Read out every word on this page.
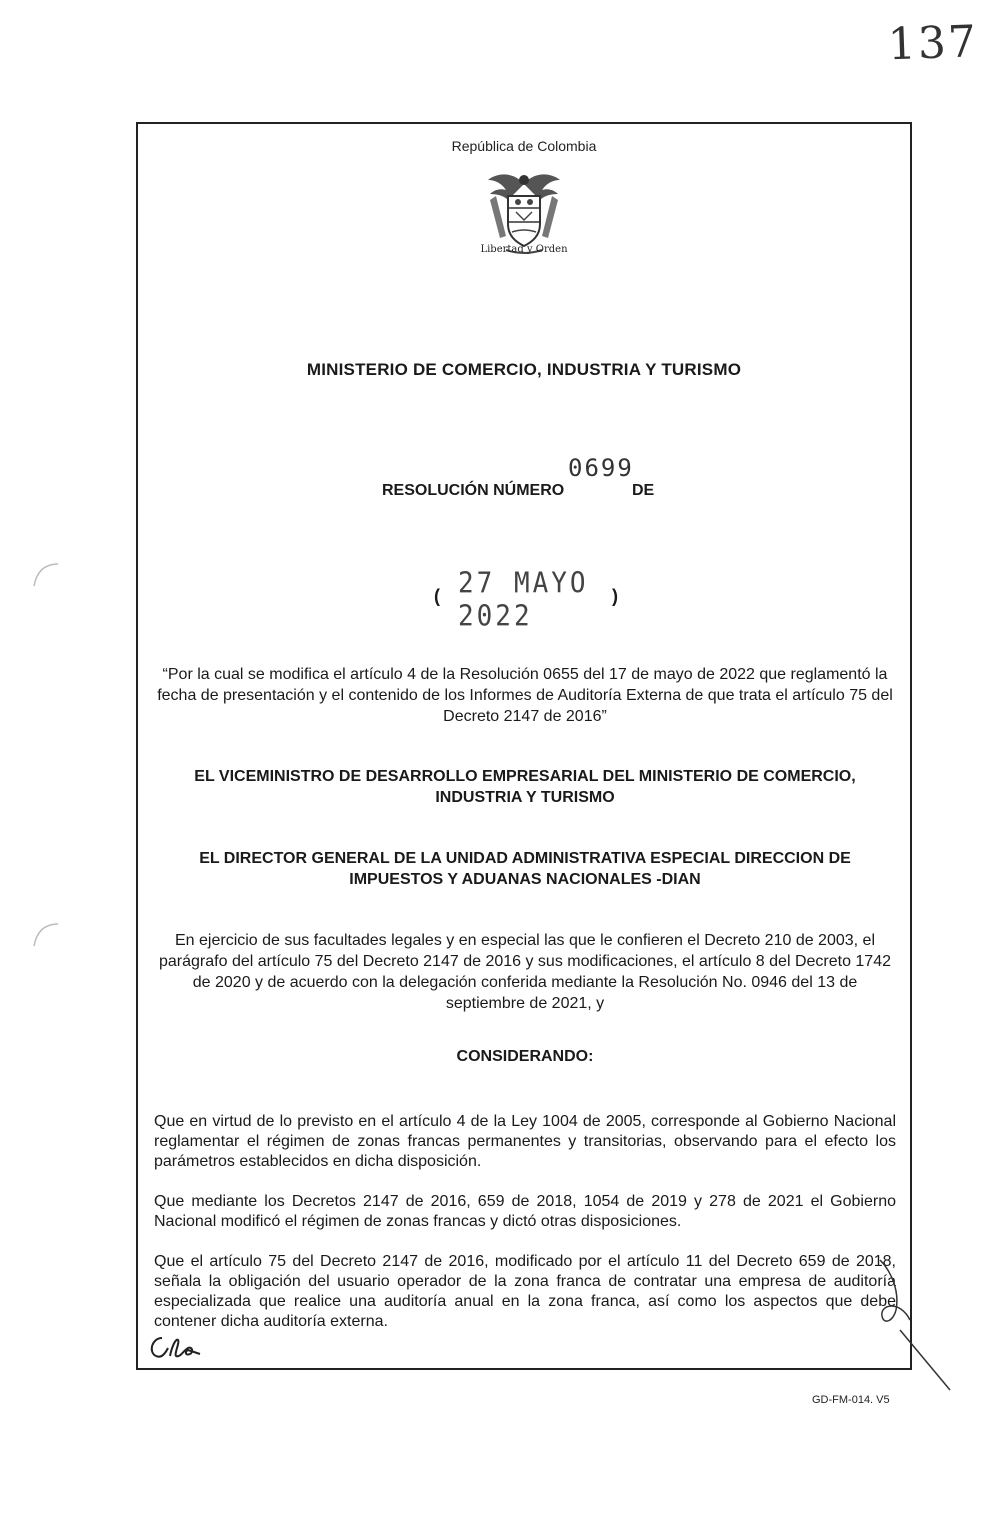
137
República de Colombia
Libertad y Orden
MINISTERIO DE COMERCIO, INDUSTRIA Y TURISMO
0699
RESOLUCIÓN NÚMERO	DE
( 27 MAYO 2022
)
“Por la cual se modifica el artículo 4 de la Resolución 0655 del 17 de mayo de 2022 que reglamentó la fecha de presentación y el contenido de los Informes de Auditoría Externa de que trata el artículo 75 del Decreto 2147 de 2016”
EL VICEMINISTRO DE DESARROLLO EMPRESARIAL DEL MINISTERIO DE COMERCIO, INDUSTRIA Y TURISMO
EL DIRECTOR GENERAL DE LA UNIDAD ADMINISTRATIVA ESPECIAL DIRECCION DE IMPUESTOS Y ADUANAS NACIONALES -DIAN
En ejercicio de sus facultades legales y en especial las que le confieren el Decreto 210 de 2003, el parágrafo del artículo 75 del Decreto 2147 de 2016 y sus modificaciones, el artículo 8 del Decreto 1742 de 2020 y de acuerdo con la delegación conferida mediante la Resolución No. 0946 del 13 de septiembre de 2021, y
CONSIDERANDO:
Que en virtud de lo previsto en el artículo 4 de la Ley 1004 de 2005, corresponde al Gobierno Nacional reglamentar el régimen de zonas francas permanentes y transitorias, observando para el efecto los parámetros establecidos en dicha disposición.
Que mediante los Decretos 2147 de 2016, 659 de 2018, 1054 de 2019 y 278 de 2021 el Gobierno Nacional modificó el régimen de zonas francas y dictó otras disposiciones.
Que el artículo 75 del Decreto 2147 de 2016, modificado por el artículo 11 del Decreto 659 de 2018, señala la obligación del usuario operador de la zona franca de contratar una empresa de auditoría especializada que realice una auditoría anual en la zona franca, así como los aspectos que debe contener dicha auditoría externa.
GD-FM-014. V5
